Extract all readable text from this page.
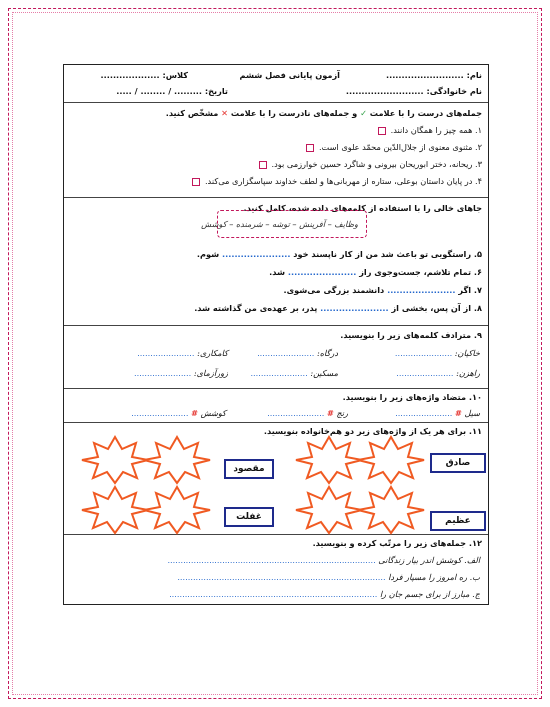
نام: .........................
آزمون پایانی فصل ششم
کلاس: ...................
نام خانوادگی: .........................
تاریخ: ......... / ........ / .....
جمله‌های درست را با علامت ✓ و جمله‌های نادرست را با علامت ✕ مشخّص کنید.
۱. همه چیز را همگان دانند.
۲. مثنوی معنوی از جلال‌الدّین محمّد علوی است.
۳. ریحانه، دختر ابوریحان بیرونی و شاگرد حسین خوارزمی بود.
۴. در پایان داستان بوعلی، ستاره از مهربانی‌ها و لطف خداوند سپاسگزاری می‌کند.
جاهای خالی را با استفاده از کلمه‌های داده شده، کامل کنید.
وظایف – آفرینش – توشه – شرمنده – کوشش
۵. راستگویی تو باعث شد من از کار ناپسند خود ...................... شوم.
۶. تمام تلاشم، جست‌وجوی راز ...................... شد.
۷. اگر ...................... دانشمند بزرگی می‌شوی.
۸. از آن پس، بخشی از ...................... پدر، بر عهده‌ی من گذاشته شد.
۹. مترادف کلمه‌های زیر را بنویسید.
خاکیان: ......................
درگاه: ......................
کامکاری: ......................
راهزن: ......................
مسکین: ......................
زورآزمای: ......................
۱۰. متضاد واژه‌های زیر را بنویسید.
سیل # ......................
رنج # ......................
کوشش # ......................
۱۱. برای هر یک از واژه‌های زیر دو هم‌خانواده بنویسید.
صادق
مقصود
عظیم
غفلت
۱۲. جمله‌های زیر را مرتّب کرده و بنویسید.
الف. کوشش اندر بیار زندگانی ................................................................................
ب. ره امروز را مسپار فردا ................................................................................
ج. مبارز از برای جسم جان را ................................................................................
